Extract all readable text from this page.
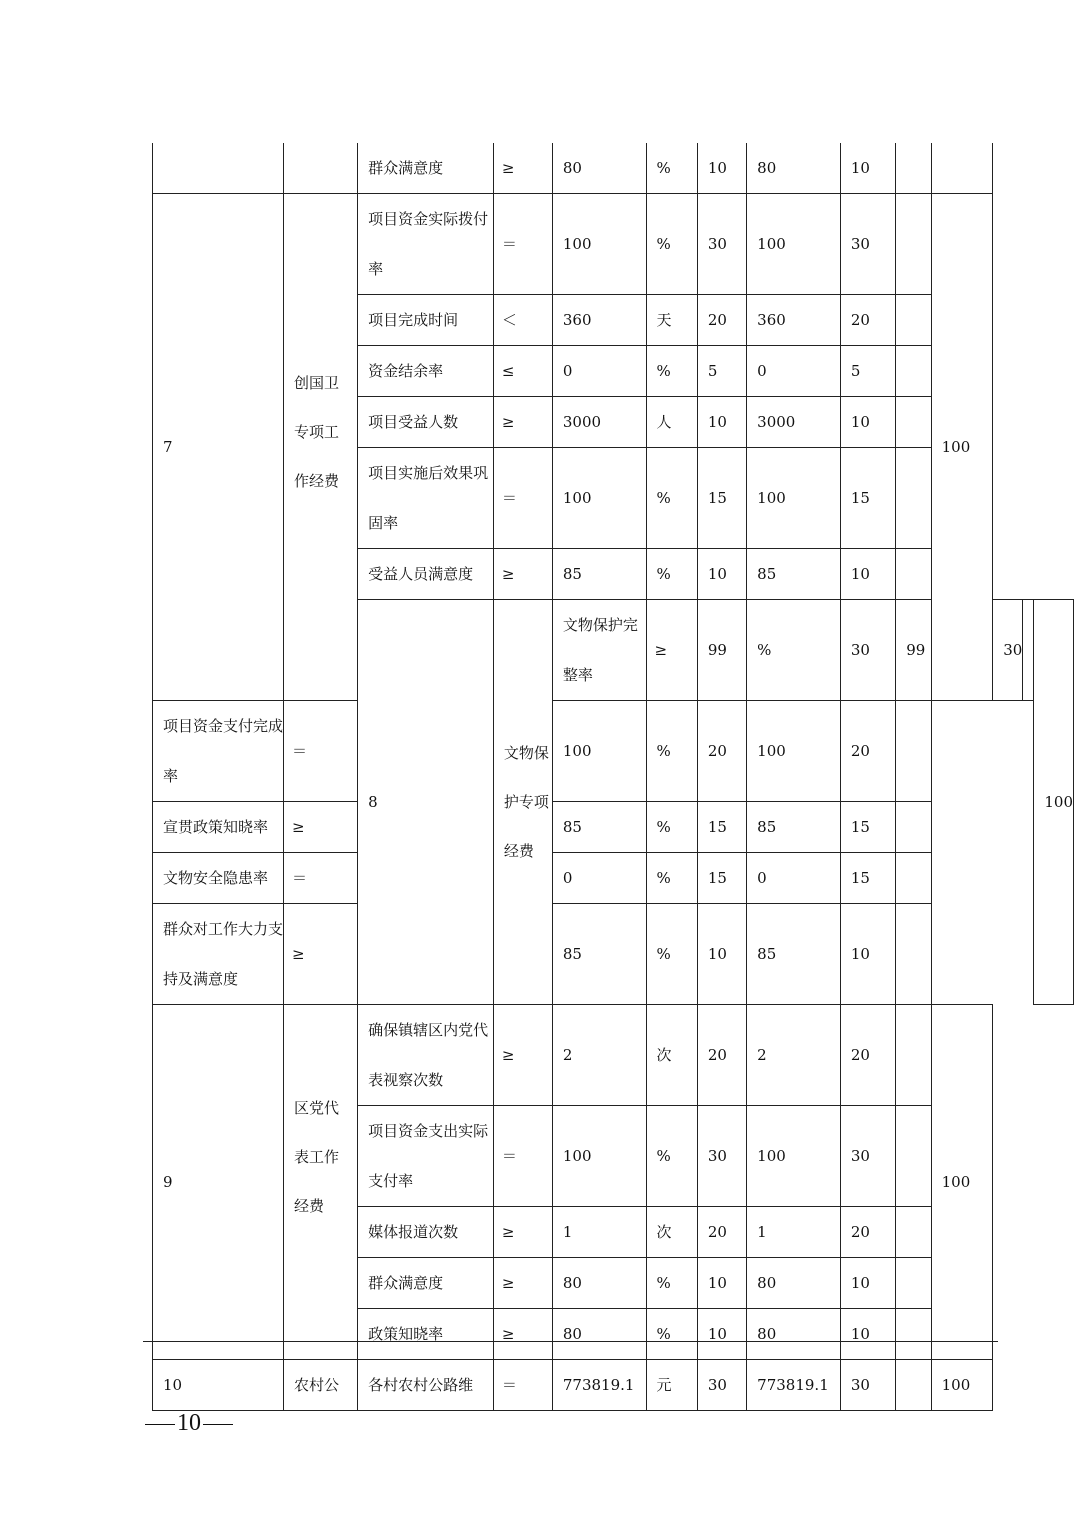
		群众满意度	≥	80	%	10	80	10					
7	创国卫专项工作经费	项目资金实际拨付率	＝	100	%	30	100	30		100			
		项目完成时间	＜	360	天	20	360	20					
		资金结余率	≤	0	%	5	0	5					
		项目受益人数	≥	3000	人	10	3000	10					

		项目实施后效果巩固率	＝	100	%	15	100	15					
		受益人员满意度	≥	85	%	10	85	10					
		8	文物保护专项经费	文物保护完整率	≥	99	%	30	99		30		100

项目资金支付完成率	＝			100	%	20	100	20					
宣贯政策知晓率	≥			85	%	15	85	15					
文物安全隐患率	＝			0	%	15	0	15					

群众对工作大力支持及满意度	≥			85	%	10	85	10					
9	区党代表工作经费	确保镇辖区内党代表视察次数	≥	2	次	20	2	20		100			

		项目资金支出实际支付率	＝	100	%	30	100	30					
		媒体报道次数	≥	1	次	20	1	20					
		群众满意度	≥	80	%	10	80	10					
		政策知晓率	≥	80	%	10	80	10					
10	农村公	各村农村公路维	＝	773819.1	元	30	773819.1	30		100			
10
